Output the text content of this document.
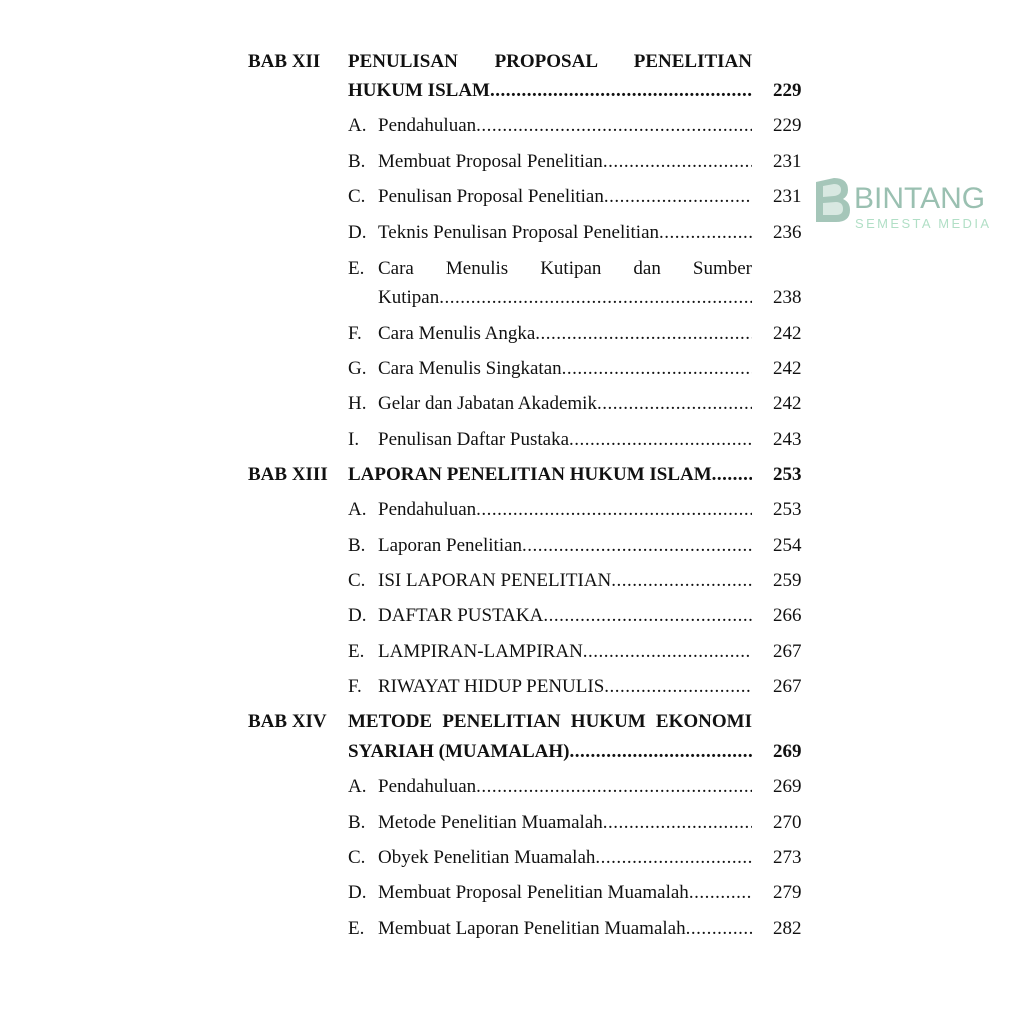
BAB XII PENULISAN PROPOSAL PENELITIAN
HUKUM ISLAM .....	229
A. Pendahuluan .....	229
B. Membuat Proposal Penelitian .....	231
C. Penulisan Proposal Penelitian .....	231
D. Teknis Penulisan Proposal Penelitian .....	236
E. Cara Menulis Kutipan dan Sumber
Kutipan .....	238
F. Cara Menulis Angka .....	242
G. Cara Menulis Singkatan .....	242
H. Gelar dan Jabatan Akademik .....	242
I. Penulisan Daftar Pustaka .....	243
BAB XIII LAPORAN PENELITIAN HUKUM ISLAM .....	253
A. Pendahuluan .....	253
B. Laporan Penelitian .....	254
C. ISI LAPORAN PENELITIAN .....	259
D. DAFTAR PUSTAKA .....	266
E. LAMPIRAN-LAMPIRAN .....	267
F. RIWAYAT HIDUP PENULIS .....	267
BAB XIV METODE PENELITIAN HUKUM EKONOMI
SYARIAH (MUAMALAH) .....	269
A. Pendahuluan .....	269
B. Metode Penelitian Muamalah .....	270
C. Obyek Penelitian Muamalah .....	273
D. Membuat Proposal Penelitian Muamalah .....	279
E. Membuat Laporan Penelitian Muamalah .....	282
BINTANG
SEMESTA MEDIA
